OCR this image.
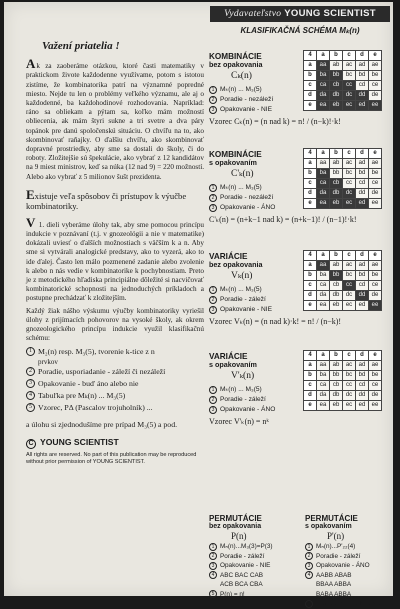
Vydavateľstvo YOUNG SCIENTIST
Važení priatelia !

Ak za zaoberáme otázkou, ktoré časti matematiky v praktickom živote každodenne využívame, potom s istotou zistíme, že kombinatorika patrí na významné popredné miesto. Nejde tu len o problémy veľkého významu, ale aj o každodenné, ba každohodinové rozhodovania. Napríklad: ráno sa obliekam a pýtam sa, koľko mám možností obliecenia, ak mám štyri sukne a tri svetre a dva páry topánok pre danú spoločenskú situáciu. O chvíľu na to, ako skombinovať raňajky. O ďalšiu chvíľu, ako skombinovať dopravné prostriedky, aby sme sa dostali do školy, či do roboty. Zložitejšie sú špekulácie, ako vybrať z 12 kandidátov na 9 miest ministrov, keď sa núka (12 nad 9) = 220 možností. Alebo ako vybrať z 5 milionov šušt prezidenta.

Existuje veľa spôsobov či prístupov k výučbe kombinatoriky.

V 1. dieli vyberáme úlohy tak, aby sme pomocou princípu indukcie v poznávaní (t.j. v gnozeológii a nie v matematike) dokázali uviesť o ďalších možnostiach s väčším k a n. Aby sme si vytvárali analogické predstavy, ako to vyzerá, ako to ide ďalej. Často len málo pozmenené zadanie alebo zvolenie k alebo n nás vedie v kombinatorike k pochybnostiam. Preto je z metodického hľadiska principiálne dôležité si nacvičovať kombinatorické schopnosti na jednoduchých príkladoch a postupne prechádzať k zložitejším.

Každý žiak nášho výskumu výučby kombinatoriky vyriešil úlohy z prijímacích pohovorov na vysoké školy, ak okrem gnozeologického princípu indukcie využil klasifikačnú schému:

1 M₂(n) resp. M₃(5), tvorenie k-tice z n
prvkov
2 Poradie, usporiadanie - záleží či nezáleží
3 Opakovanie - buď áno alebo nie
4 Tabuľka pre Mₖ(n) ... M₃(5)
5 Vzorec, PΔ (Pascalov trojuholník) ...
a úlohu si zjednodušíme pre prípad M₃(5) a pod.
C YOUNG SCIENTIST
All rights are reserved. No part of this publication may be reproduced without prior permission of YOUNG SCIENTIST.
KLASIFIKAČNÁ SCHÉMA Mₖ(n)
KOMBINÁCIE
bez opakovania
Cₖ(n)
1 Mₖ(n) ... M₃(5)
2 Poradie - nezáleží
3 Opakovanie - NIE
Vzorec Cₖ(n) = (n nad k) = n! / (n−k)!·k!
KOMBINÁCIE
s opakovaním
C'ₖ(n)
1 Mₖ(n) ... M₃(5)
2 Poradie - nezáleží
3 Opakovanie - ÁNO
C'ₖ(n) = (n+k−1 nad k) = (n+k−1)! / (n−1)!·k!
VARIÁCIE
bez opakovania
Vₖ(n)
1 Mₖ(n) ... M₃(5)
2 Poradie - záleží
3 Opakovanie - NIE
Vzorec Vₖ(n) = (n nad k)·k! = n! / (n−k)!
VARIÁCIE
s opakovaním
V'ₖ(n)
1 Mₖ(n) ... M₃(5)
2 Poradie - záleží
3 Opakovanie - ÁNO
Vzorec V'ₖ(n) = nᵏ
PERMUTÁCIE
bez opakovania
P(n)
1 Mₙ(n)...M₃(3)=P(3)
2 Poradie - záleží
3 Opakovanie - NIE
4 ABC BAC CAB
ACB BCA CBA
5 P(n) = n!
PERMUTÁCIE
s opakovaním
P'(n)
1 Mₙ(n)...P'₂₂(4)
2 Poradie - záleží
3 Opakovanie - ÁNO
4 AABB ABAB
BBAA ABBA
BABA ABBA
5 P'ₖ₁…ₖₘⁿ = n! / k₁!...kₘ!
4	a	b	c	d	e
a	aa	ab	ac	ad	ae
b	ba	bb	bc	bd	be
c	ca	cb	cc	cd	ce
d	da	db	dc	dd	de
e	ea	eb	ec	ed	ee
4	a	b	c	d	e
a	aa	ab	ac	ad	ae
b	ba	bb	bc	bd	be
c	ca	cb	cc	cd	ce
d	da	db	dc	dd	de
e	ea	eb	ec	ed	ee
4	a	b	c	d	e
a	aa	ab	ac	ad	ae
b	ba	bb	bc	bd	be
c	ca	cb	cc	cd	ce
d	da	db	dc	dd	de
e	ea	eb	ec	ed	ee
4	a	b	c	d	e
a	aa	ab	ac	ad	ae
b	ba	bb	bc	bd	be
c	ca	cb	cc	cd	ce
d	da	db	dc	dd	de
e	ea	eb	ec	ed	ee
